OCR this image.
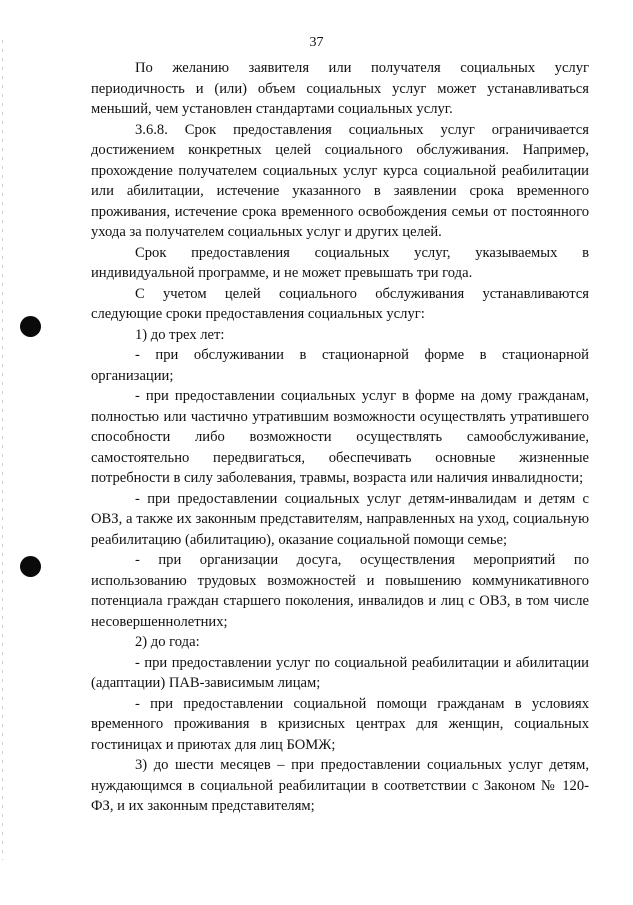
37

По желанию заявителя или получателя социальных услуг периодичность и (или) объем социальных услуг может устанавливаться меньший, чем установлен стандартами социальных услуг.

3.6.8. Срок предоставления социальных услуг ограничивается достижением конкретных целей социального обслуживания. Например, прохождение получателем социальных услуг курса социальной реабилитации или абилитации, истечение указанного в заявлении срока временного проживания, истечение срока временного освобождения семьи от постоянного ухода за получателем социальных услуг и других целей.

Срок предоставления социальных услуг, указываемых в индивидуальной программе, и не может превышать три года.

С учетом целей социального обслуживания устанавливаются следующие сроки предоставления социальных услуг:

1) до трех лет:

- при обслуживании в стационарной форме в стационарной организации;

- при предоставлении социальных услуг в форме на дому гражданам, полностью или частично утратившим возможности осуществлять утратившего способности либо возможности осуществлять самообслуживание, самостоятельно передвигаться, обеспечивать основные жизненные потребности в силу заболевания, травмы, возраста или наличия инвалидности;

- при предоставлении социальных услуг детям-инвалидам и детям с ОВЗ, а также их законным представителям, направленных на уход, социальную реабилитацию (абилитацию), оказание социальной помощи семье;

- при организации досуга, осуществления мероприятий по использованию трудовых возможностей и повышению коммуникативного потенциала граждан старшего поколения, инвалидов и лиц с ОВЗ, в том числе несовершеннолетних;

2) до года:

- при предоставлении услуг по социальной реабилитации и абилитации (адаптации) ПАВ-зависимым лицам;

- при предоставлении социальной помощи гражданам в условиях временного проживания в кризисных центрах для женщин, социальных гостиницах и приютах для лиц БОМЖ;

3) до шести месяцев – при предоставлении социальных услуг детям, нуждающимся в социальной реабилитации в соответствии с Законом № 120-ФЗ, и их законным представителям;
